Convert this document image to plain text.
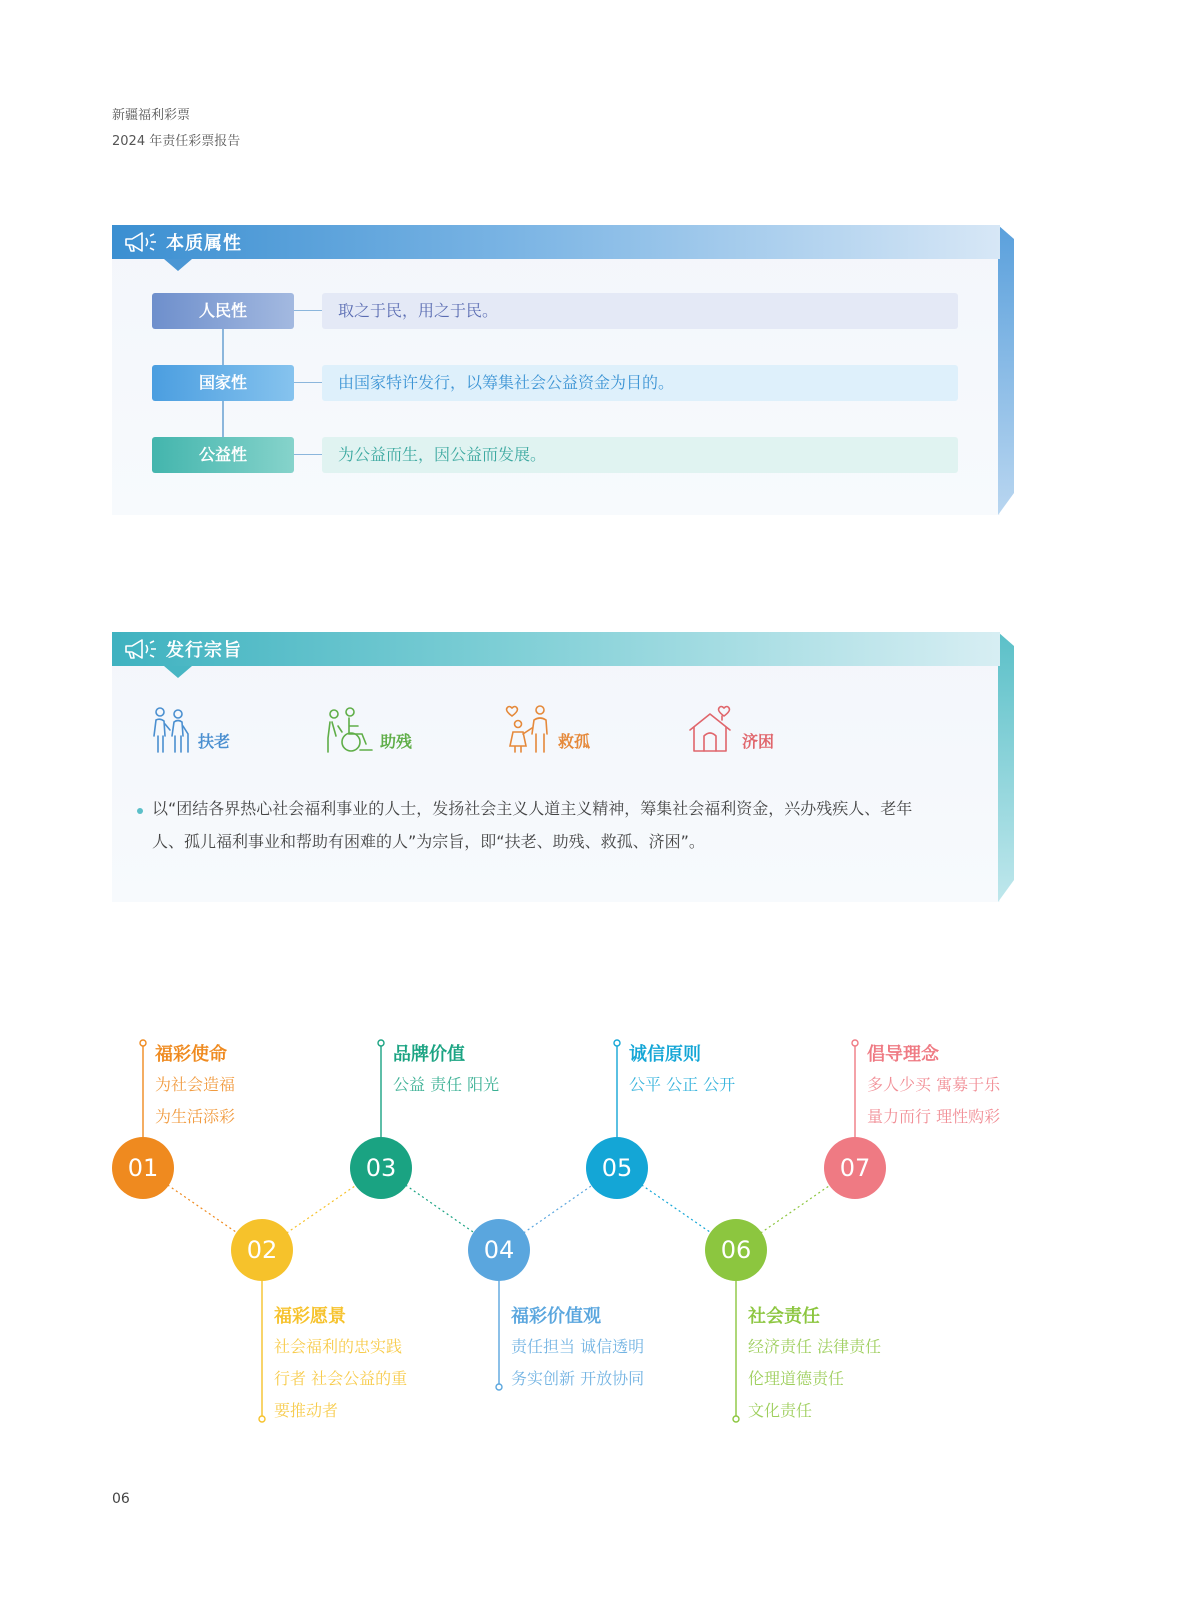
新疆福利彩票
2024 年责任彩票报告
本质属性
人民性	取之于民，用之于民。
国家性	由国家特许发行，以筹集社会公益资金为目的。
公益性	为公益而生，因公益而发展。
发行宗旨
扶老	助残	救孤	济困
以“团结各界热心社会福利事业的人士，发扬社会主义人道主义精神，筹集社会福利资金，兴办残疾人、老年人、孤儿福利事业和帮助有困难的人”为宗旨，即“扶老、助残、救孤、济困”。
01
福彩使命
为社会造福
为生活添彩
02
福彩愿景
社会福利的忠实践
行者 社会公益的重
要推动者
03
品牌价值
公益 责任 阳光
04
福彩价值观
责任担当 诚信透明
务实创新 开放协同
05
诚信原则
公平 公正 公开
06
社会责任
经济责任 法律责任
伦理道德责任
文化责任
07
倡导理念
多人少买 寓募于乐
量力而行 理性购彩
06
